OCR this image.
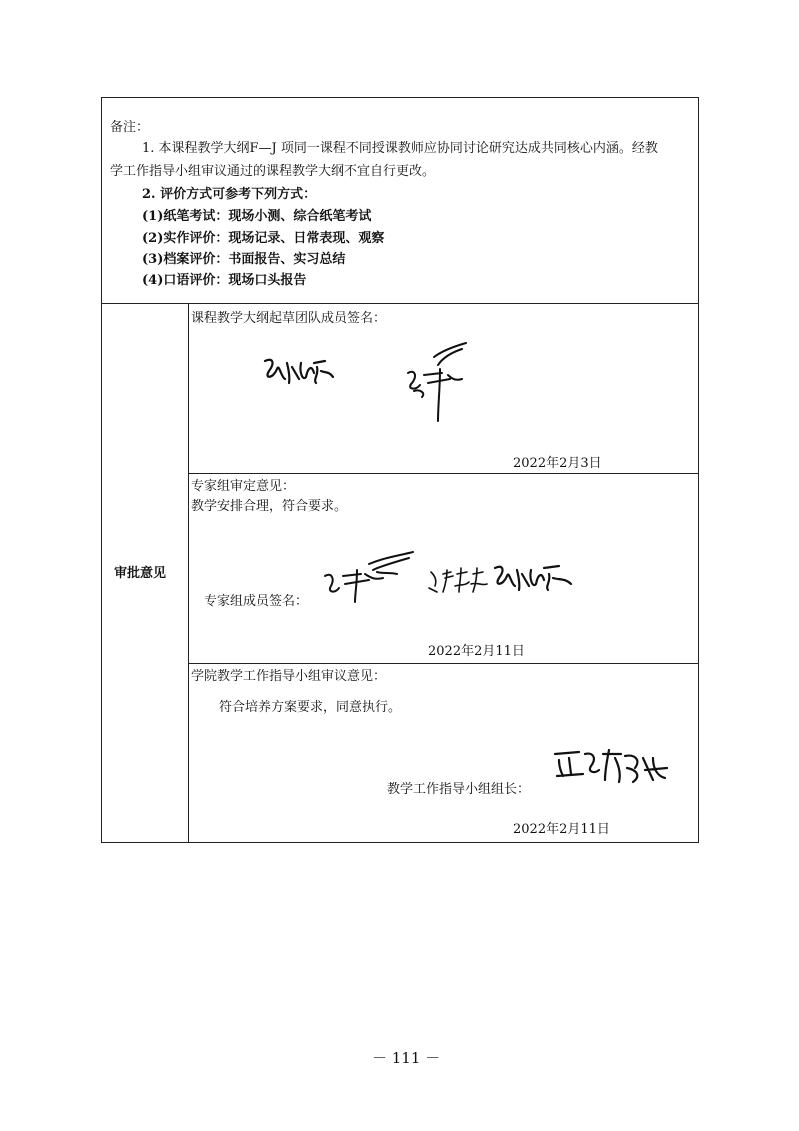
备注：
1. 本课程教学大纲F—J 项同一课程不同授课教师应协同讨论研究达成共同核心内涵。经教
学工作指导小组审议通过的课程教学大纲不宜自行更改。
2. 评价方式可参考下列方式：
(1)纸笔考试：现场小测、综合纸笔考试
(2)实作评价：现场记录、日常表现、观察
(3)档案评价：书面报告、实习总结
(4)口语评价：现场口头报告
审批意见
课程教学大纲起草团队成员签名：
2022年2月3日
专家组审定意见：
教学安排合理，符合要求。
专家组成员签名：
2022年2月11日
学院教学工作指导小组审议意见：
符合培养方案要求，同意执行。
教学工作指导小组组长：
2022年2月11日
－ 111 －
